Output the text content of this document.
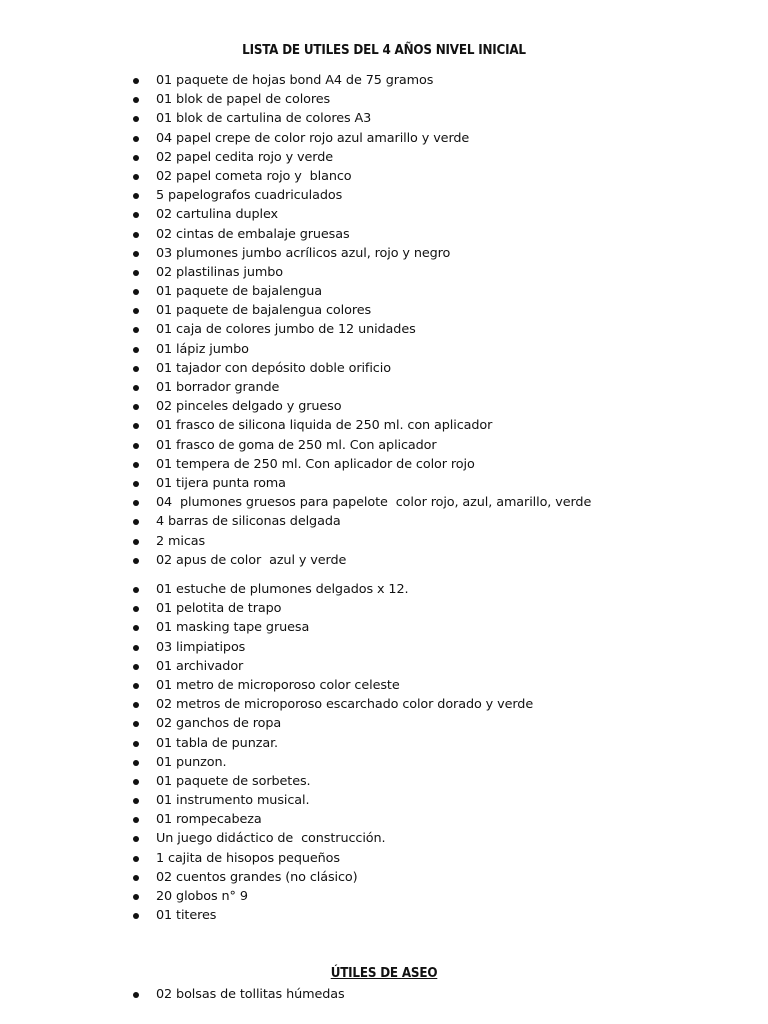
LISTA DE UTILES DEL 4 AÑOS NIVEL INICIAL
01 paquete de hojas bond A4 de 75 gramos
01 blok de papel de colores
01 blok de cartulina de colores A3
04 papel crepe de color rojo azul amarillo y verde
02 papel cedita rojo y verde
02 papel cometa rojo y  blanco
5 papelografos cuadriculados
02 cartulina duplex
02 cintas de embalaje gruesas
03 plumones jumbo acrílicos azul, rojo y negro
02 plastilinas jumbo
01 paquete de bajalengua
01 paquete de bajalengua colores
01 caja de colores jumbo de 12 unidades
01 lápiz jumbo
01 tajador con depósito doble orificio
01 borrador grande
02 pinceles delgado y grueso
01 frasco de silicona liquida de 250 ml. con aplicador
01 frasco de goma de 250 ml. Con aplicador
01 tempera de 250 ml. Con aplicador de color rojo
01 tijera punta roma
04  plumones gruesos para papelote  color rojo, azul, amarillo, verde
4 barras de siliconas delgada
2 micas
02 apus de color  azul y verde
01 estuche de plumones delgados x 12.
01 pelotita de trapo
01 masking tape gruesa
03 limpiatipos
01 archivador
01 metro de microporoso color celeste
02 metros de microporoso escarchado color dorado y verde
02 ganchos de ropa
01 tabla de punzar.
01 punzon.
01 paquete de sorbetes.
01 instrumento musical.
01 rompecabeza
Un juego didáctico de  construcción.
1 cajita de hisopos pequeños
02 cuentos grandes (no clásico)
20 globos n° 9
01 titeres
ÚTILES DE ASEO
02 bolsas de tollitas húmedas
